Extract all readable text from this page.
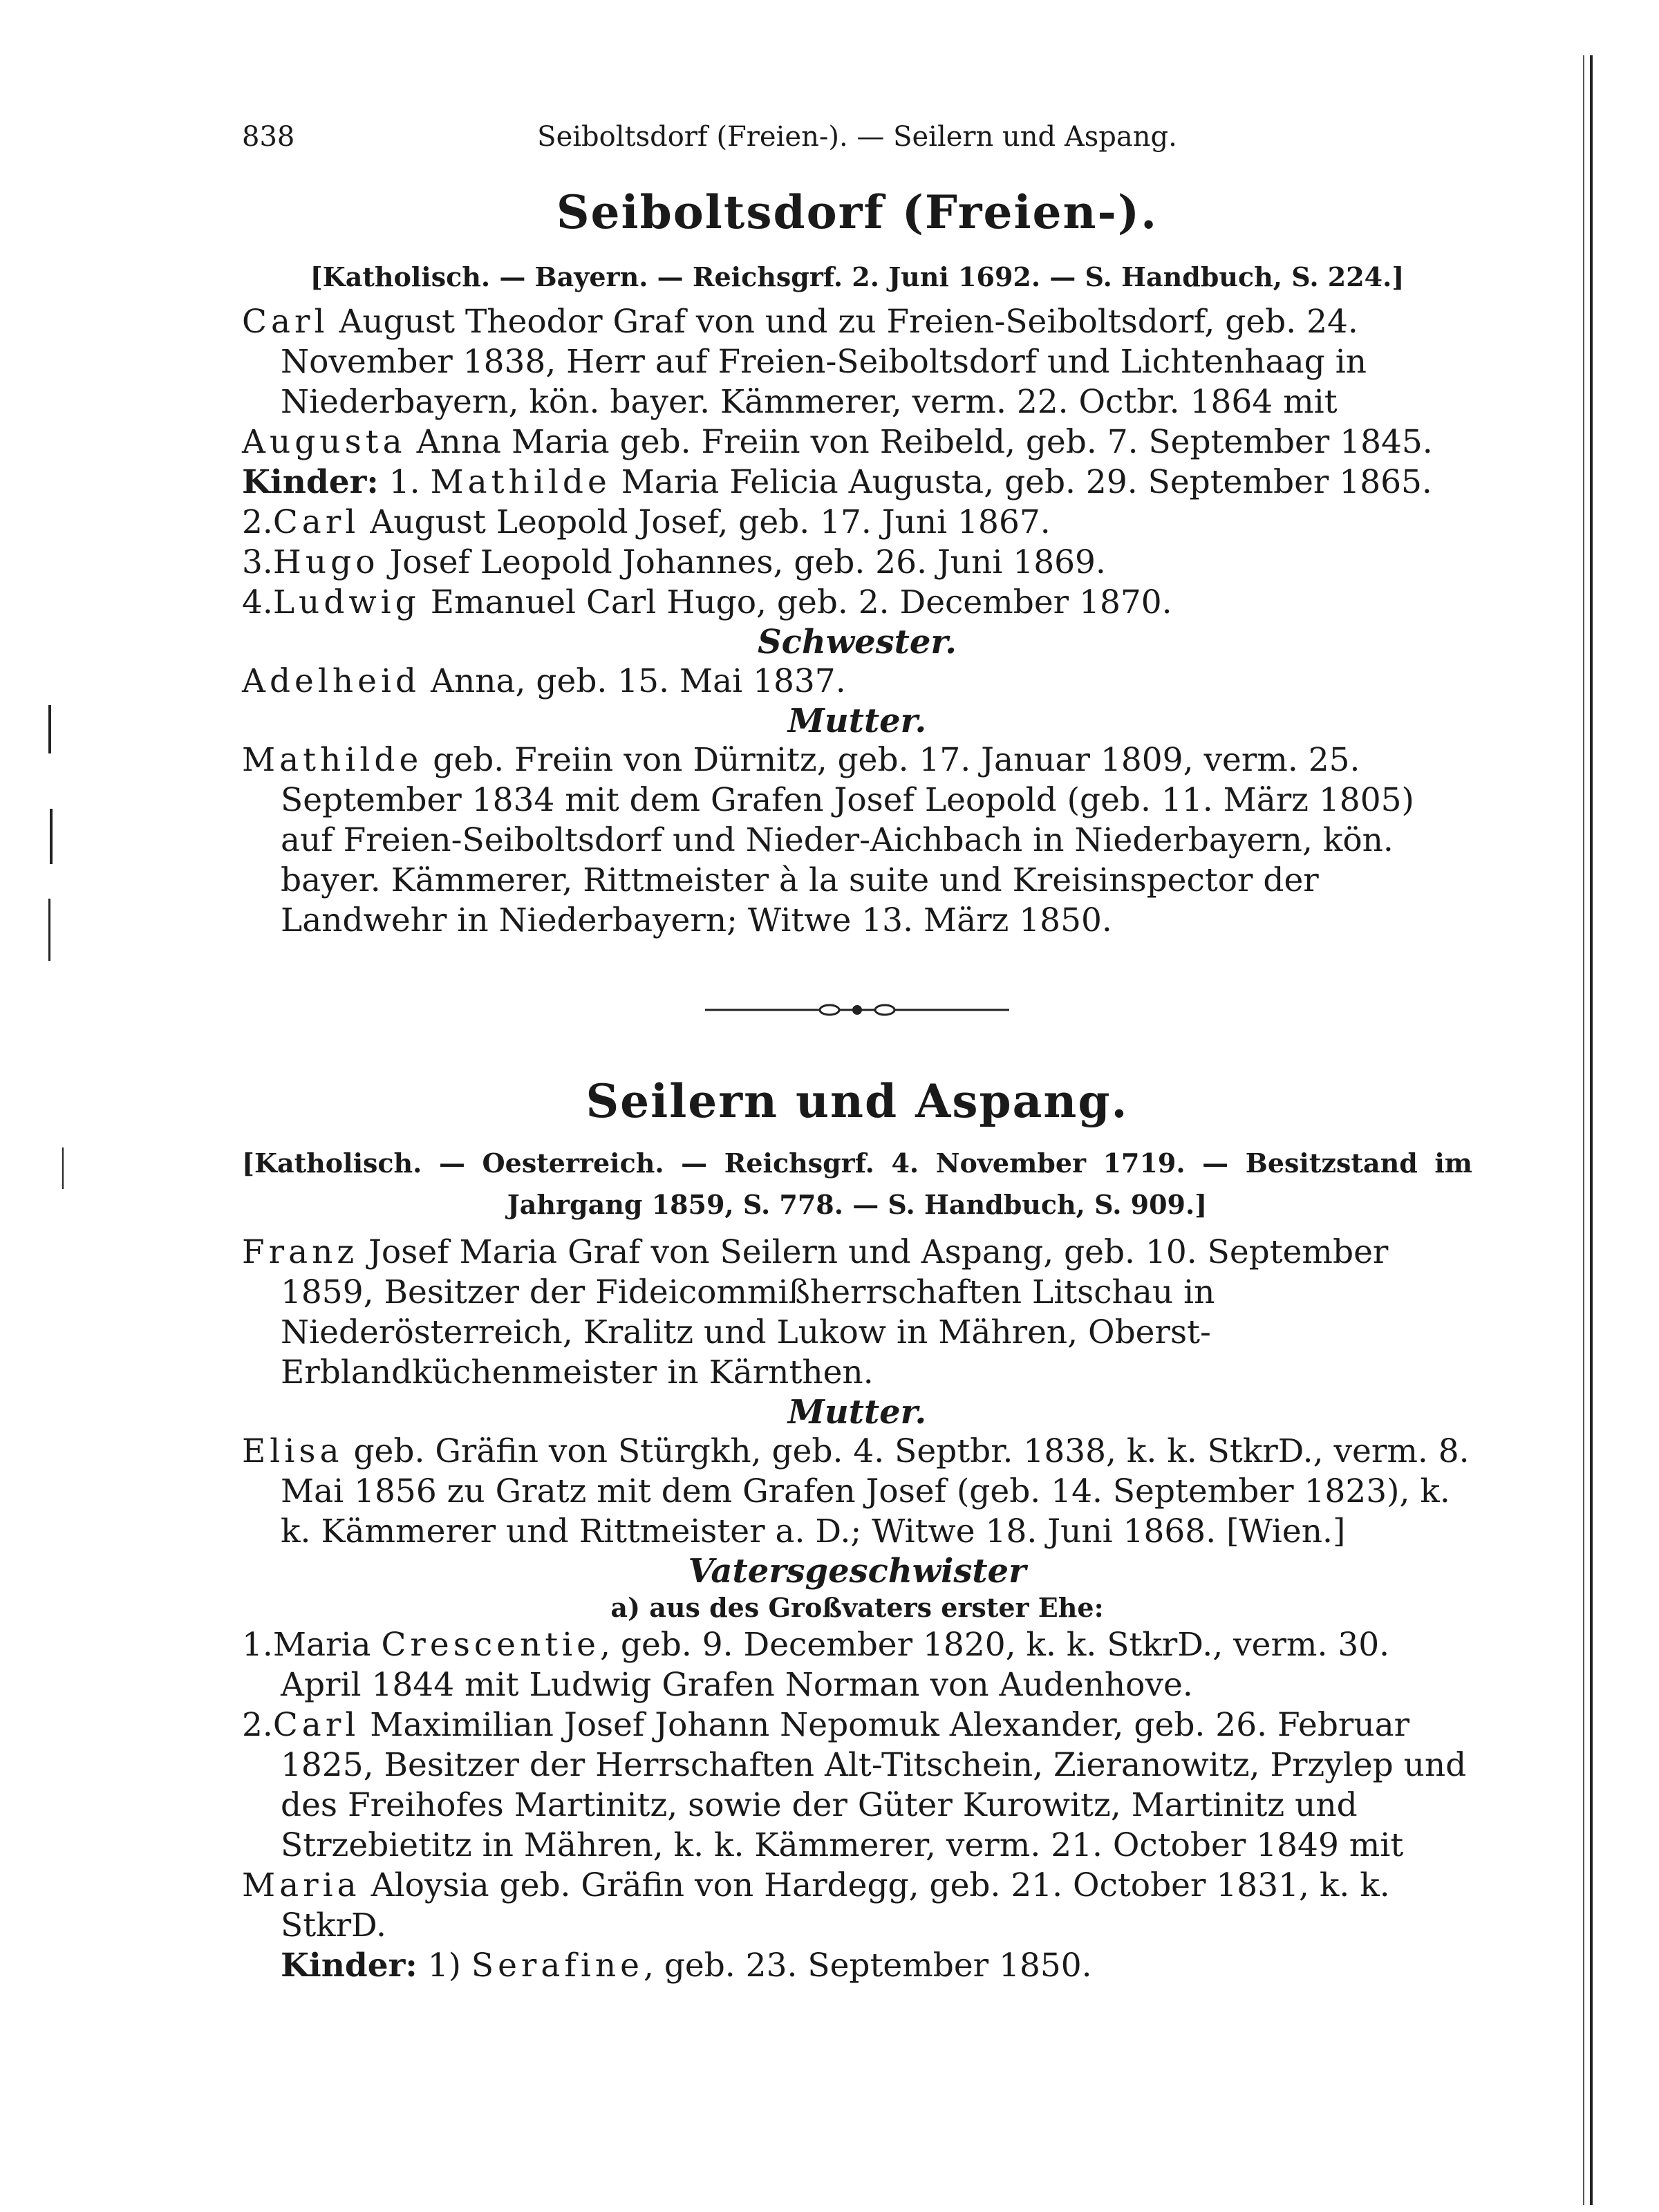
838	Seiboltsdorf (Freien-). — Seilern und Aspang.
Seiboltsdorf (Freien-).
[Katholisch. — Bayern. — Reichsgrf. 2. Juni 1692. — S. Handbuch, S. 224.]
Carl August Theodor Graf von und zu Freien-Seiboltsdorf, geb. 24. November 1838, Herr auf Freien-Seiboltsdorf und Lichtenhaag in Niederbayern, kön. bayer. Kämmerer, verm. 22. Octbr. 1864 mit
Augusta Anna Maria geb. Freiin von Reibeld, geb. 7. September 1845.
Kinder: 1. Mathilde Maria Felicia Augusta, geb. 29. September 1865.
2.Carl August Leopold Josef, geb. 17. Juni 1867.
3.Hugo Josef Leopold Johannes, geb. 26. Juni 1869.
4.Ludwig Emanuel Carl Hugo, geb. 2. December 1870.
Schwester.
Adelheid Anna, geb. 15. Mai 1837.
Mutter.
Mathilde geb. Freiin von Dürnitz, geb. 17. Januar 1809, verm. 25. September 1834 mit dem Grafen Josef Leopold (geb. 11. März 1805) auf Freien-Seiboltsdorf und Nieder-Aichbach in Niederbayern, kön. bayer. Kämmerer, Rittmeister à la suite und Kreisinspector der Landwehr in Niederbayern; Witwe 13. März 1850.
Seilern und Aspang.
[Katholisch. — Oesterreich. — Reichsgrf. 4. November 1719. — Besitzstand im Jahrgang 1859, S. 778. — S. Handbuch, S. 909.]
Franz Josef Maria Graf von Seilern und Aspang, geb. 10. September 1859, Besitzer der Fideicommißherrschaften Litschau in Niederösterreich, Kralitz und Lukow in Mähren, Oberst-Erblandküchenmeister in Kärnthen.
Mutter.
Elisa geb. Gräfin von Stürgkh, geb. 4. Septbr. 1838, k. k. StkrD., verm. 8. Mai 1856 zu Gratz mit dem Grafen Josef (geb. 14. September 1823), k. k. Kämmerer und Rittmeister a. D.; Witwe 18. Juni 1868. [Wien.]
Vatersgeschwister
a) aus des Großvaters erster Ehe:
1.Maria Crescentie, geb. 9. December 1820, k. k. StkrD., verm. 30. April 1844 mit Ludwig Grafen Norman von Audenhove.
2.Carl Maximilian Josef Johann Nepomuk Alexander, geb. 26. Februar 1825, Besitzer der Herrschaften Alt-Titschein, Zieranowitz, Przylep und des Freihofes Martinitz, sowie der Güter Kurowitz, Martinitz und Strzebietitz in Mähren, k. k. Kämmerer, verm. 21. October 1849 mit
Maria Aloysia geb. Gräfin von Hardegg, geb. 21. October 1831, k. k. StkrD.
Kinder: 1) Serafine, geb. 23. September 1850.
